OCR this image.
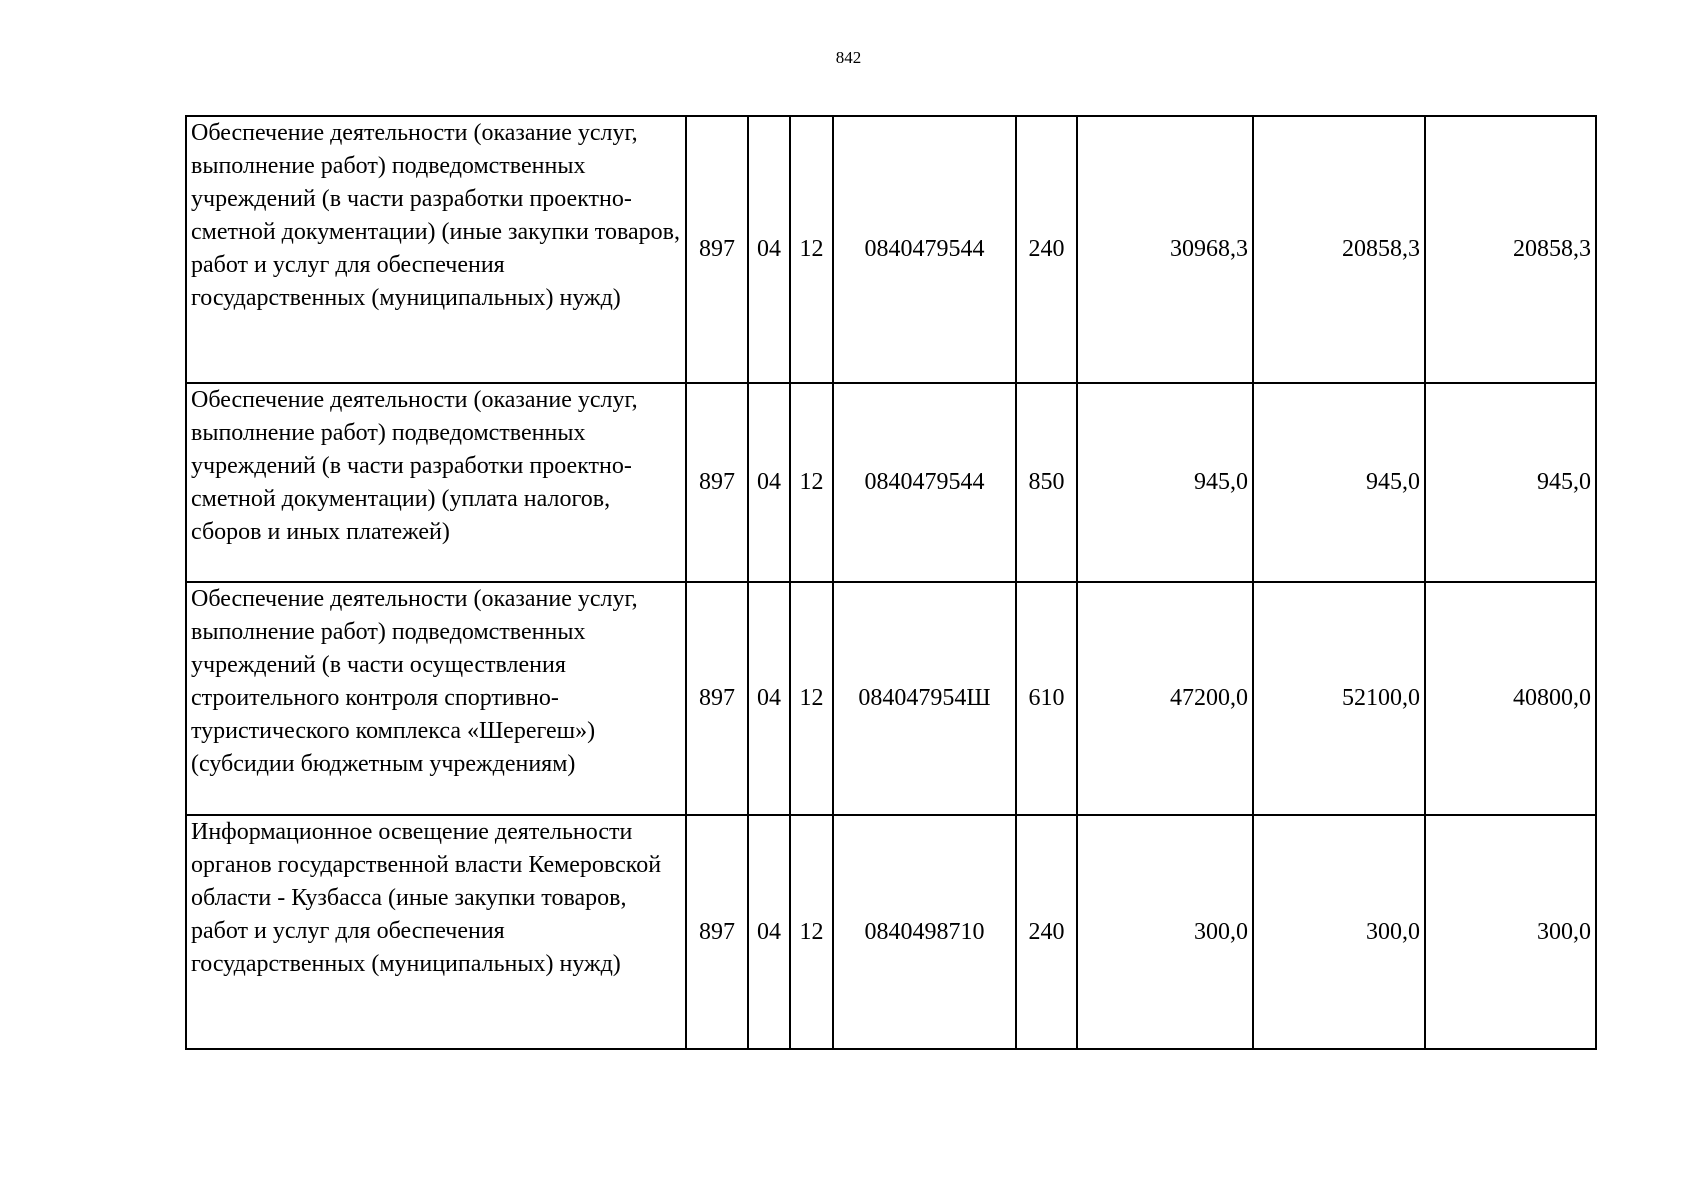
842
Обеспечение деятельности (оказание услуг, выполнение работ) подведомственных учреждений (в части разработки проектно-сметной документации) (иные закупки товаров, работ и услуг для обеспечения государственных (муниципальных) нужд)	897	04	12	0840479544	240	30968,3	20858,3	20858,3
Обеспечение деятельности (оказание услуг, выполнение работ) подведомственных учреждений (в части разработки проектно-сметной документации) (уплата налогов, сборов и иных платежей)	897	04	12	0840479544	850	945,0	945,0	945,0
Обеспечение деятельности (оказание услуг, выполнение работ) подведомственных учреждений (в части осуществления строительного контроля спортивно-туристического комплекса «Шерегеш») (субсидии бюджетным учреждениям)	897	04	12	084047954Ш	610	47200,0	52100,0	40800,0
Информационное освещение деятельности органов государственной власти Кемеровской области - Кузбасса (иные закупки товаров, работ и услуг для обеспечения государственных (муниципальных) нужд)	897	04	12	0840498710	240	300,0	300,0	300,0
